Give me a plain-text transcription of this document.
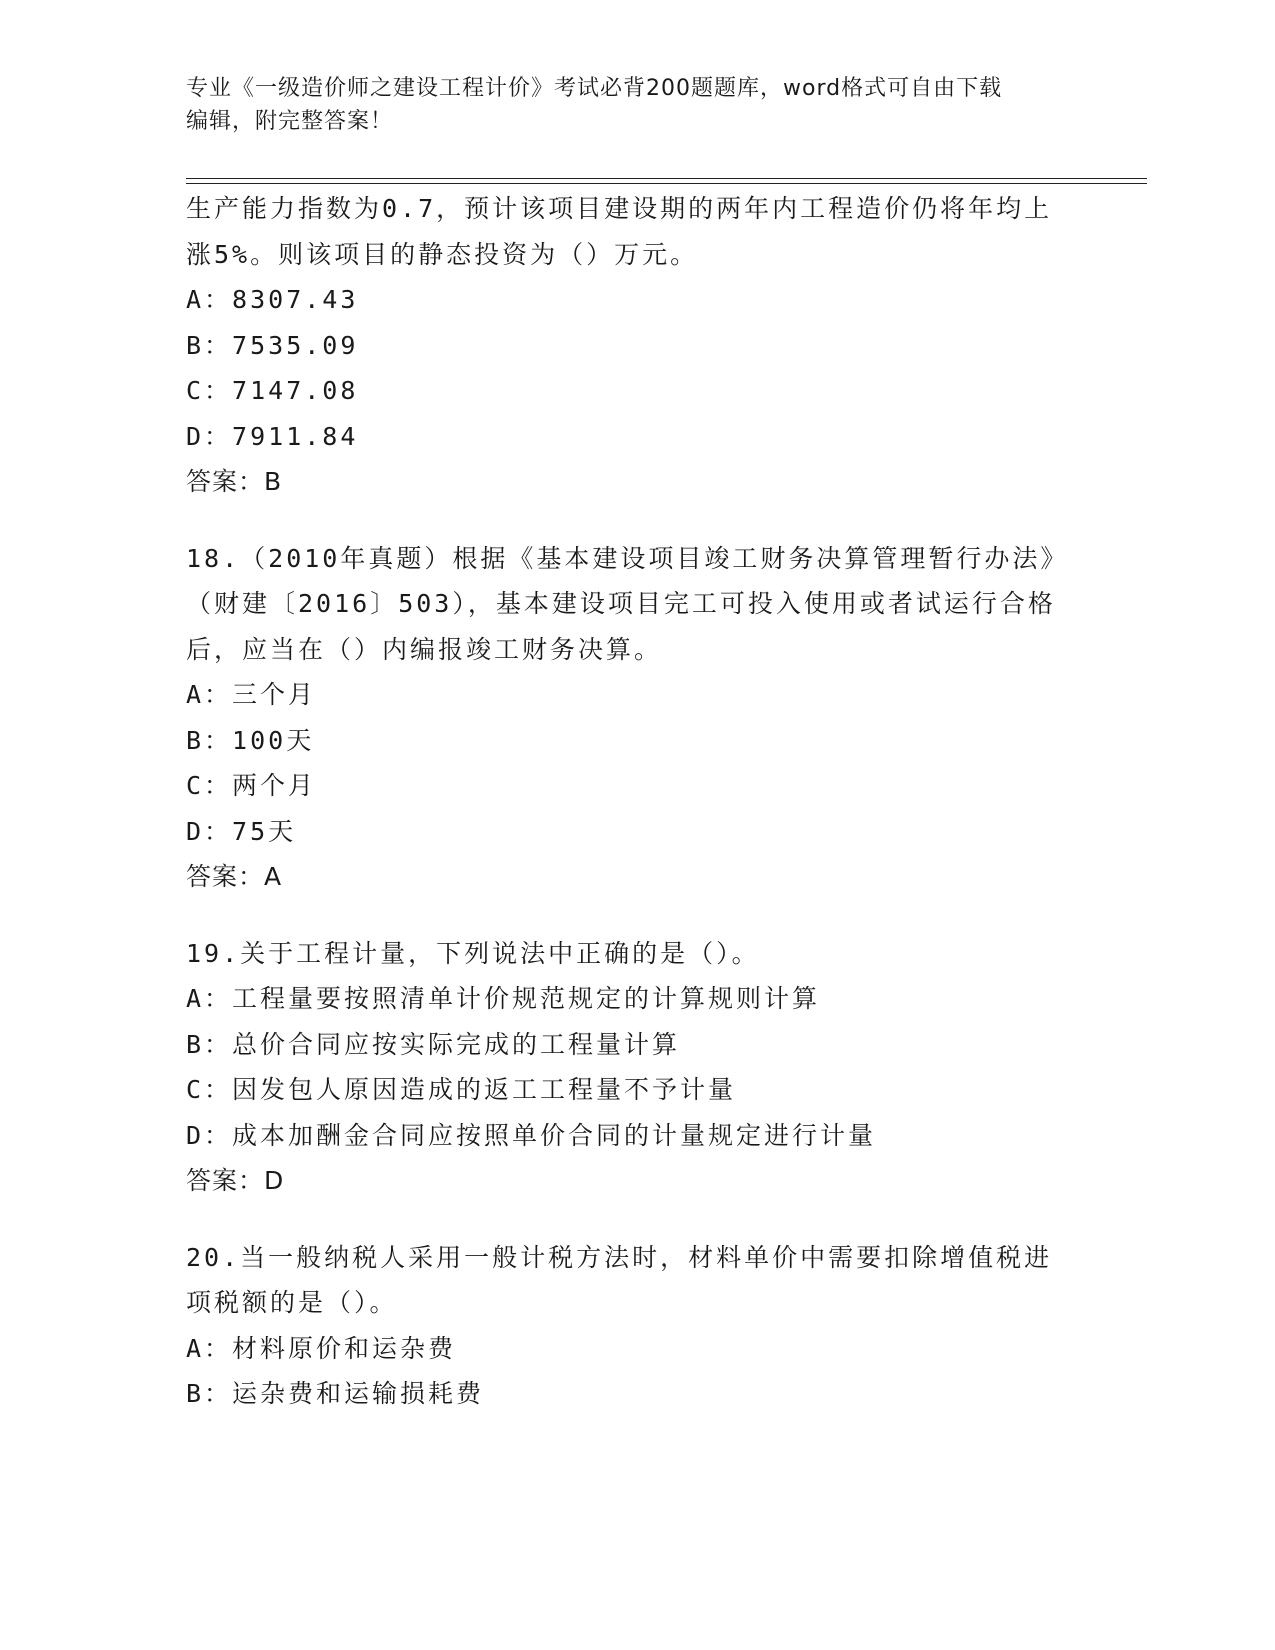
专业《一级造价师之建设工程计价》考试必背200题题库，word格式可自由下载
编辑，附完整答案！
生产能力指数为0.7，预计该项目建设期的两年内工程造价仍将年均上
涨5%。则该项目的静态投资为（）万元。
A：8307.43
B：7535.09
C：7147.08
D：7911.84
答案：B
18.（2010年真题）根据《基本建设项目竣工财务决算管理暂行办法》
（财建〔2016〕503），基本建设项目完工可投入使用或者试运行合格
后，应当在（）内编报竣工财务决算。
A：三个月
B：100天
C：两个月
D：75天
答案：A
19.关于工程计量，下列说法中正确的是（）。
A：工程量要按照清单计价规范规定的计算规则计算
B：总价合同应按实际完成的工程量计算
C：因发包人原因造成的返工工程量不予计量
D：成本加酬金合同应按照单价合同的计量规定进行计量
答案：D
20.当一般纳税人采用一般计税方法时，材料单价中需要扣除增值税进
项税额的是（）。
A：材料原价和运杂费
B：运杂费和运输损耗费
